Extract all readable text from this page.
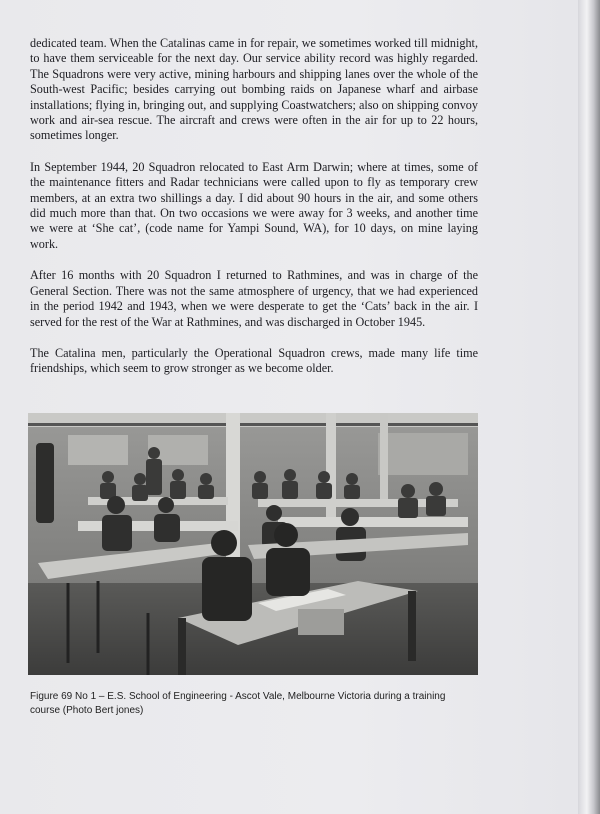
dedicated team. When the Catalinas came in for repair, we sometimes worked till midnight, to have them serviceable for the next day. Our service ability record was highly regarded. The Squadrons were very active, mining harbours and shipping lanes over the whole of the South-west Pacific; besides carrying out bombing raids on Japanese wharf and airbase installations; flying in, bringing out, and supplying Coastwatchers; also on shipping convoy work and air-sea rescue. The aircraft and crews were often in the air for up to 22 hours, sometimes longer.

In September 1944, 20 Squadron relocated to East Arm Darwin; where at times, some of the maintenance fitters and Radar technicians were called upon to fly as temporary crew members, at an extra two shillings a day. I did about 90 hours in the air, and some others did much more than that. On two occasions we were away for 3 weeks, and another time we were at ‘She cat’, (code name for Yampi Sound, WA), for 10 days, on mine laying work.

After 16 months with 20 Squadron I returned to Rathmines, and was in charge of the General Section. There was not the same atmosphere of urgency, that we had experienced in the period 1942 and 1943, when we were desperate to get the ‘Cats’ back in the air. I served for the rest of the War at Rathmines, and was discharged in October 1945.

The Catalina men, particularly the Operational Squadron crews, made many life time friendships, which seem to grow stronger as we become older.

Figure 69 No 1 – E.S. School of Engineering - Ascot Vale, Melbourne Victoria during a training course (Photo Bert jones)
